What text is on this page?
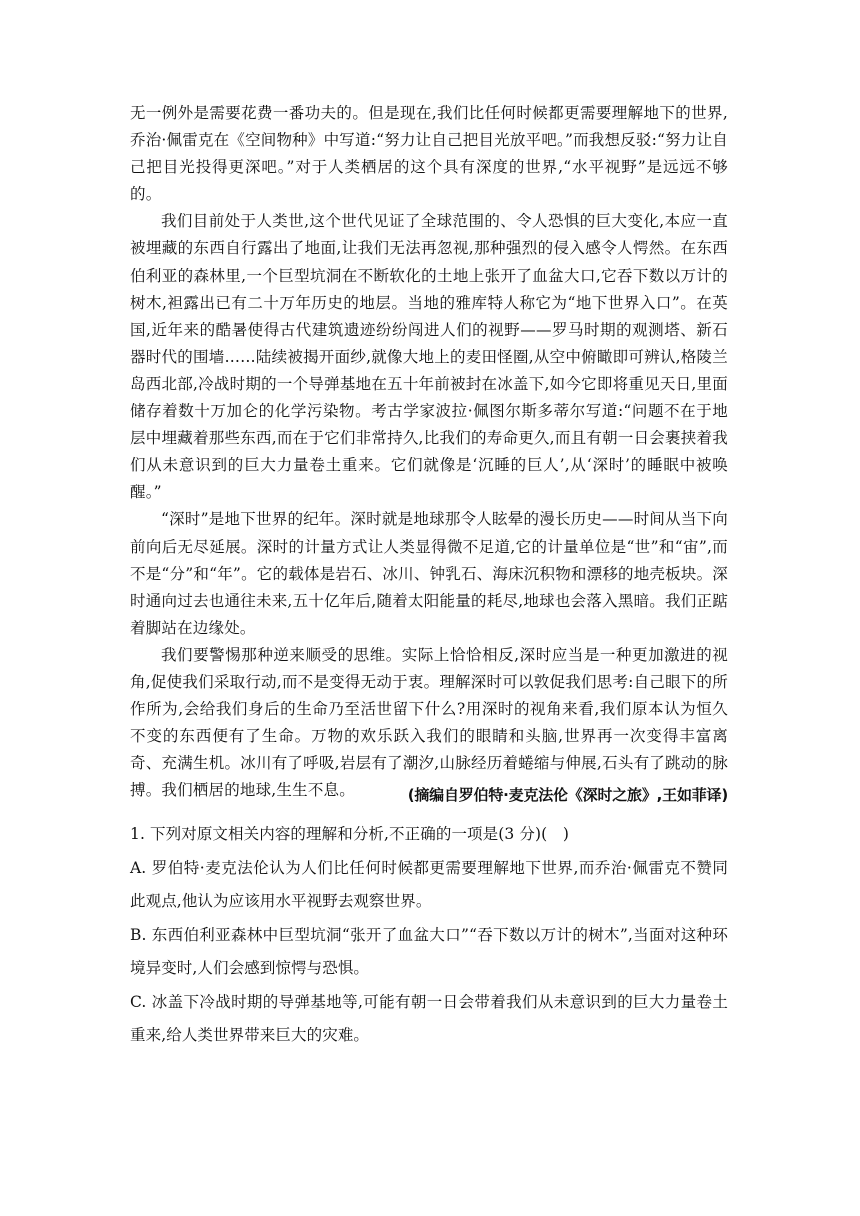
无一例外是需要花费一番功夫的。但是现在,我们比任何时候都更需要理解地下的世界,乔治·佩雷克在《空间物种》中写道:“努力让自己把目光放平吧。”而我想反驳:“努力让自己把目光投得更深吧。”对于人类栖居的这个具有深度的世界,“水平视野”是远远不够的。

我们目前处于人类世,这个世代见证了全球范围的、令人恐惧的巨大变化,本应一直被埋藏的东西自行露出了地面,让我们无法再忽视,那种强烈的侵入感令人愕然。在东西伯利亚的森林里,一个巨型坑洞在不断软化的土地上张开了血盆大口,它吞下数以万计的树木,袒露出已有二十万年历史的地层。当地的雅库特人称它为“地下世界入口”。在英国,近年来的酷暑使得古代建筑遗迹纷纷闯进人们的视野——罗马时期的观测塔、新石器时代的围墙……陆续被揭开面纱,就像大地上的麦田怪圈,从空中俯瞰即可辨认,格陵兰岛西北部,冷战时期的一个导弹基地在五十年前被封在冰盖下,如今它即将重见天日,里面储存着数十万加仑的化学污染物。考古学家波拉·佩图尔斯多蒂尔写道:“问题不在于地层中埋藏着那些东西,而在于它们非常持久,比我们的寿命更久,而且有朝一日会裹挟着我们从未意识到的巨大力量卷土重来。它们就像是‘沉睡的巨人’,从‘深时’的睡眠中被唤醒。”

“深时”是地下世界的纪年。深时就是地球那令人眩晕的漫长历史——时间从当下向前向后无尽延展。深时的计量方式让人类显得微不足道,它的计量单位是“世”和“宙”,而不是“分”和“年”。它的载体是岩石、冰川、钟乳石、海床沉积物和漂移的地壳板块。深时通向过去也通往未来,五十亿年后,随着太阳能量的耗尽,地球也会落入黑暗。我们正踮着脚站在边缘处。

我们要警惕那种逆来顺受的思维。实际上恰恰相反,深时应当是一种更加激进的视角,促使我们采取行动,而不是变得无动于衷。理解深时可以敦促我们思考:自己眼下的所作所为,会给我们身后的生命乃至活世留下什么?用深时的视角来看,我们原本认为恒久不变的东西便有了生命。万物的欢乐跃入我们的眼睛和头脑,世界再一次变得丰富离奇、充满生机。冰川有了呼吸,岩层有了潮汐,山脉经历着蜷缩与伸展,石头有了跳动的脉搏。我们栖居的地球,生生不息。	(摘编自罗伯特·麦克法伦《深时之旅》,王如菲译)

1. 下列对原文相关内容的理解和分析,不正确的一项是(3 分)(　)

A. 罗伯特·麦克法伦认为人们比任何时候都更需要理解地下世界,而乔治·佩雷克不赞同此观点,他认为应该用水平视野去观察世界。

B. 东西伯利亚森林中巨型坑洞“张开了血盆大口”“吞下数以万计的树木”,当面对这种环境异变时,人们会感到惊愕与恐惧。

C. 冰盖下冷战时期的导弹基地等,可能有朝一日会带着我们从未意识到的巨大力量卷土重来,给人类世界带来巨大的灾难。
